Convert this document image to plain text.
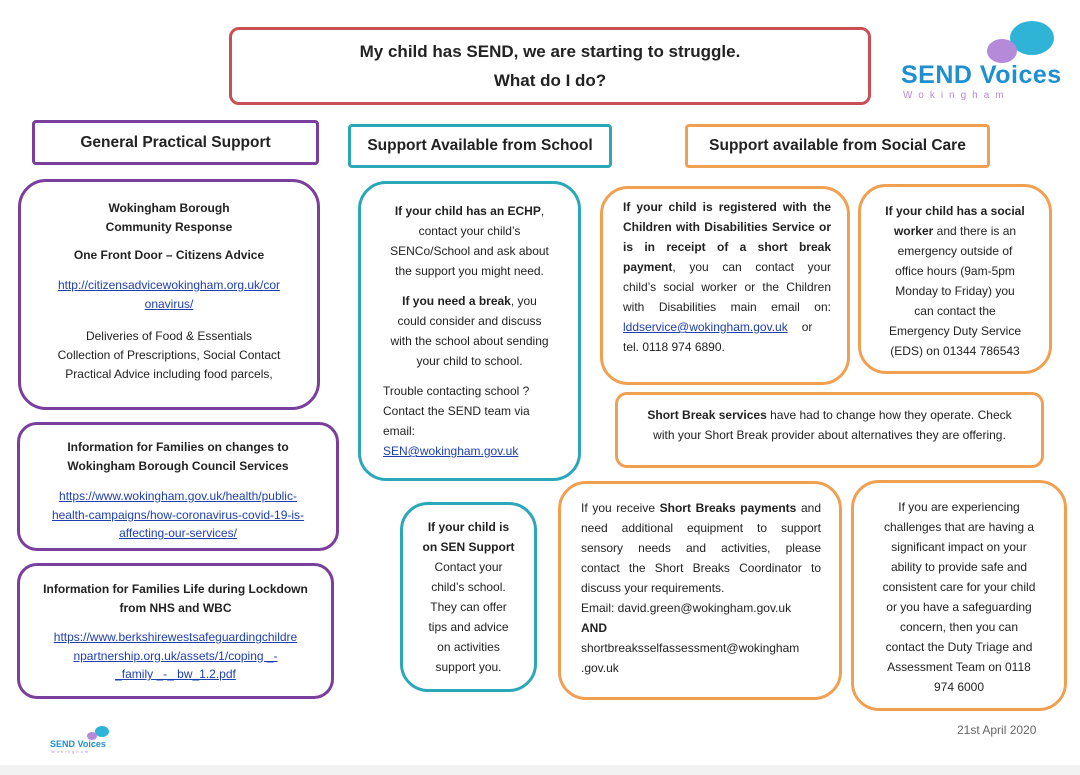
My child has SEND, we are starting to struggle.
What do I do?	SEND Voices
Wokingham
General Practical Support	Support Available from School	Support available from Social Care

Wokingham Borough

Community Response

One Front Door – Citizens Advice

http://citizensadvicewokingham.org.uk/cor

onavirus/

Deliveries of Food & Essentials

Collection of Prescriptions, Social Contact

Practical Advice including food parcels,

Information for Families on changes to

Wokingham Borough Council Services

https://www.wokingham.gov.uk/health/public-

health-campaigns/how-coronavirus-covid-19-is-

affecting-our-services/

Information for Families Life during Lockdown

from NHS and WBC

https://www.berkshirewestsafeguardingchildre

npartnership.org.uk/assets/1/coping _-

_family _-_ bw_1.2.pdf

If your child has an ECHP,

contact your child’s

SENCo/School and ask about

the support you might need.

If you need a break, you

could consider and discuss

with the school about sending

your child to school.

Trouble contacting school ?

Contact the SEND team via

email:

SEN@wokingham.gov.uk

If your child is

on SEN Support

Contact your

child’s school.

They can offer

tips and advice

on activities

support you.

If your child is registered with the

Children with Disabilities Service or

is in receipt of a short break

payment, you can contact your

child’s social worker or the Children

with Disabilities main email on:

lddservice@wokingham.gov.uk or

tel. 0118 974 6890.

If your child has a social

worker and there is an

emergency outside of

office hours (9am-5pm

Monday to Friday) you

can contact the

Emergency Duty Service

(EDS) on 01344 786543

Short Break services have had to change how they operate. Check

with your Short Break provider about alternatives they are offering.

If you receive Short Breaks payments and

need additional equipment to support

sensory needs and activities, please

contact the Short Breaks Coordinator to

discuss your requirements.

Email: david.green@wokingham.gov.uk

AND

shortbreaksselfassessment@wokingham

.gov.uk

If you are experiencing

challenges that are having a

significant impact on your

ability to provide safe and

consistent care for your child

or you have a safeguarding

concern, then you can

contact the Duty Triage and

Assessment Team on 0118

974 6000

SEND Voices
Wokingham
21st April 2020
